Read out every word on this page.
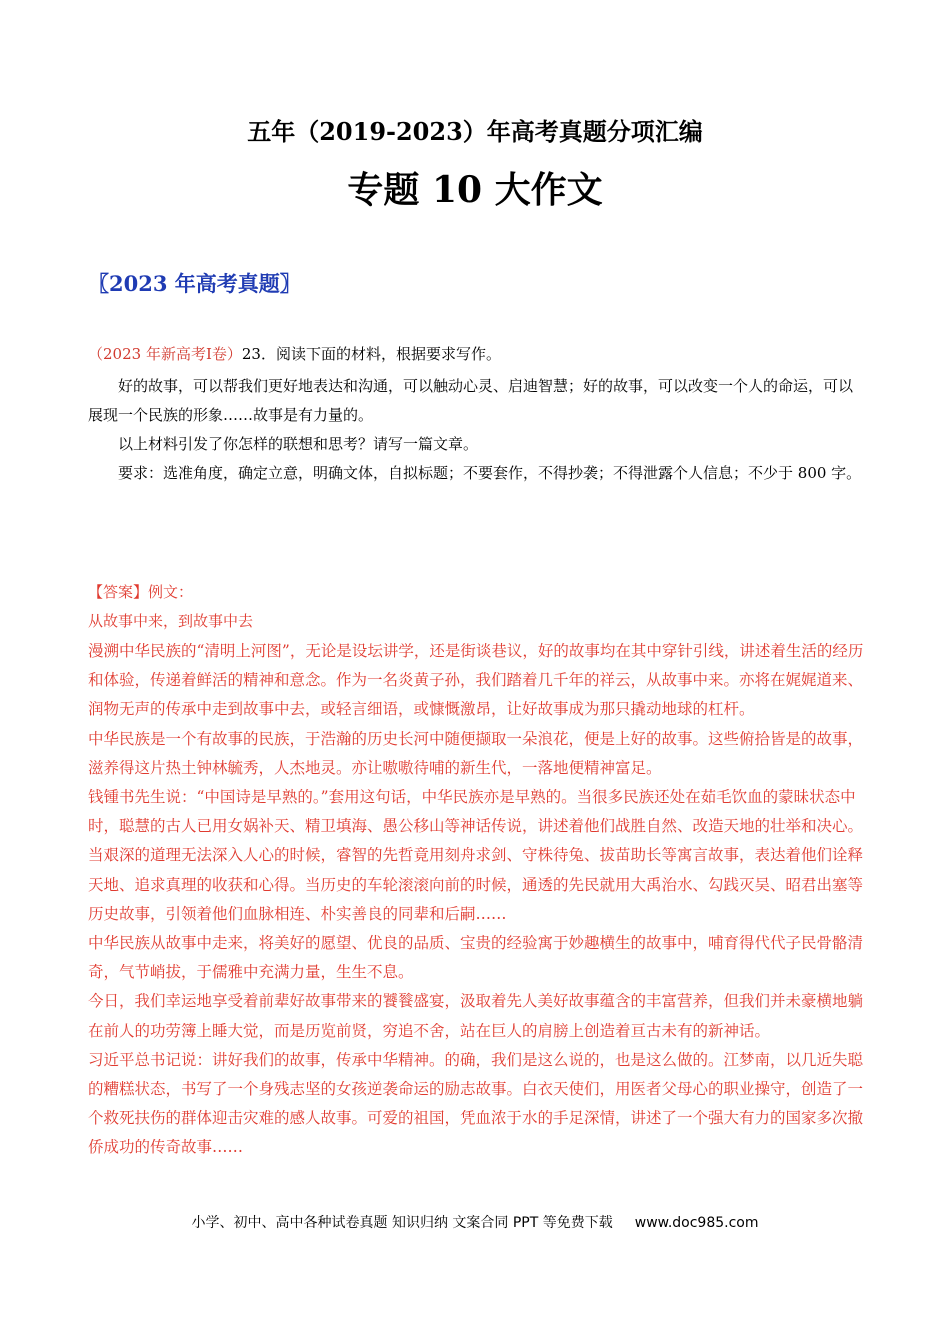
五年（2019-2023）年高考真题分项汇编
专题 10 大作文
〖2023 年高考真题〗
（2023 年新高考Ⅰ卷）23．阅读下面的材料，根据要求写作。
好的故事，可以帮我们更好地表达和沟通，可以触动心灵、启迪智慧；好的故事，可以改变一个人的命运，可以展现一个民族的形象……故事是有力量的。
以上材料引发了你怎样的联想和思考？请写一篇文章。
要求：选准角度，确定立意，明确文体，自拟标题；不要套作，不得抄袭；不得泄露个人信息；不少于 800 字。
【答案】例文：
从故事中来，到故事中去

漫溯中华民族的“清明上河图”，无论是设坛讲学，还是街谈巷议，好的故事均在其中穿针引线，讲述着生活的经历和体验，传递着鲜活的精神和意念。作为一名炎黄子孙，我们踏着几千年的祥云，从故事中来。亦将在娓娓道来、润物无声的传承中走到故事中去，或轻言细语，或慷慨激昂，让好故事成为那只撬动地球的杠杆。

中华民族是一个有故事的民族，于浩瀚的历史长河中随便撷取一朵浪花，便是上好的故事。这些俯拾皆是的故事，滋养得这片热土钟林毓秀，人杰地灵。亦让嗷嗷待哺的新生代，一落地便精神富足。

钱锺书先生说：“中国诗是早熟的。”套用这句话，中华民族亦是早熟的。当很多民族还处在茹毛饮血的蒙昧状态中时，聪慧的古人已用女娲补天、精卫填海、愚公移山等神话传说，讲述着他们战胜自然、改造天地的壮举和决心。当艰深的道理无法深入人心的时候，睿智的先哲竟用刻舟求剑、守株待兔、拔苗助长等寓言故事，表达着他们诠释天地、追求真理的收获和心得。当历史的车轮滚滚向前的时候，通透的先民就用大禹治水、勾践灭吴、昭君出塞等历史故事，引领着他们血脉相连、朴实善良的同辈和后嗣……

中华民族从故事中走来，将美好的愿望、优良的品质、宝贵的经验寓于妙趣横生的故事中，哺育得代代子民骨骼清奇，气节峭拔，于儒雅中充满力量，生生不息。

今日，我们幸运地享受着前辈好故事带来的饕餮盛宴，汲取着先人美好故事蕴含的丰富营养，但我们并未豪横地躺在前人的功劳簿上睡大觉，而是历览前贤，穷追不舍，站在巨人的肩膀上创造着亘古未有的新神话。

习近平总书记说：讲好我们的故事，传承中华精神。的确，我们是这么说的，也是这么做的。江梦南，以几近失聪的糟糕状态，书写了一个身残志坚的女孩逆袭命运的励志故事。白衣天使们，用医者父母心的职业操守，创造了一个救死扶伤的群体迎击灾难的感人故事。可爱的祖国，凭血浓于水的手足深情，讲述了一个强大有力的国家多次撤侨成功的传奇故事……

小学、初中、高中各种试卷真题 知识归纳 文案合同 PPT 等免费下载 www.doc985.com
